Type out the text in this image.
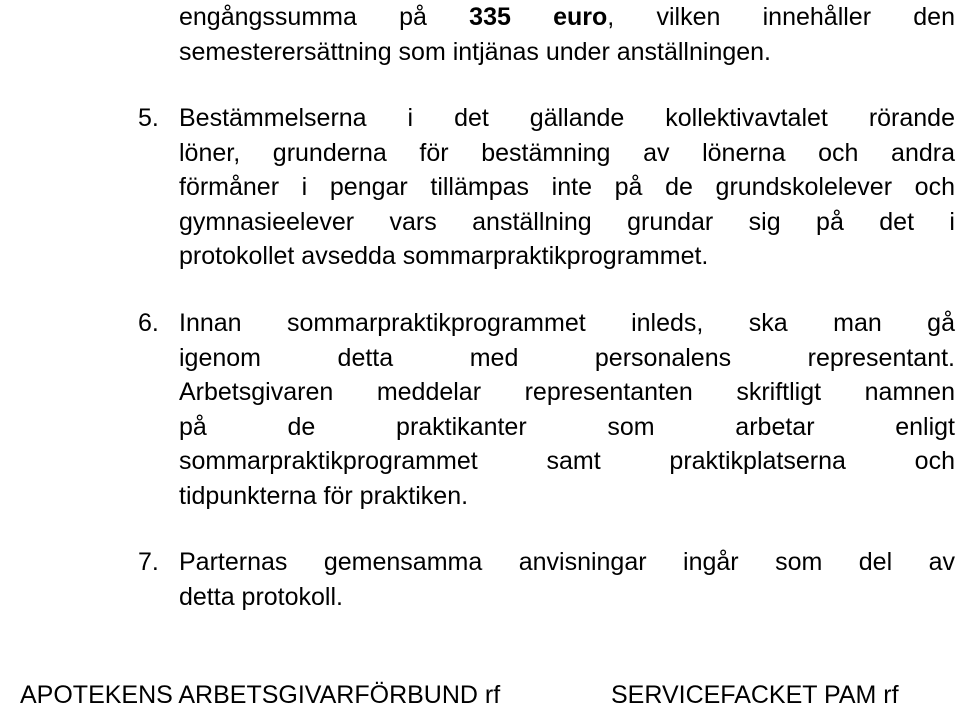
engångssumma på 335 euro, vilken innehåller den
semesterersättning som intjänas under anställningen.
5. Bestämmelserna i det gällande kollektivavtalet rörande
löner, grunderna för bestämning av lönerna och andra
förmåner i pengar tillämpas inte på de grundskolelever och
gymnasieelever vars anställning grundar sig på det i
protokollet avsedda sommarpraktikprogrammet.
6. Innan sommarpraktikprogrammet inleds, ska man gå
igenom detta med personalens representant.
Arbetsgivaren meddelar representanten skriftligt namnen
på de praktikanter som arbetar enligt
sommarpraktikprogrammet samt praktikplatserna och
tidpunkterna för praktiken.
7. Parternas gemensamma anvisningar ingår som del av
detta protokoll.
APOTEKENS ARBETSGIVARFÖRBUND rf	SERVICEFACKET PAM rf
